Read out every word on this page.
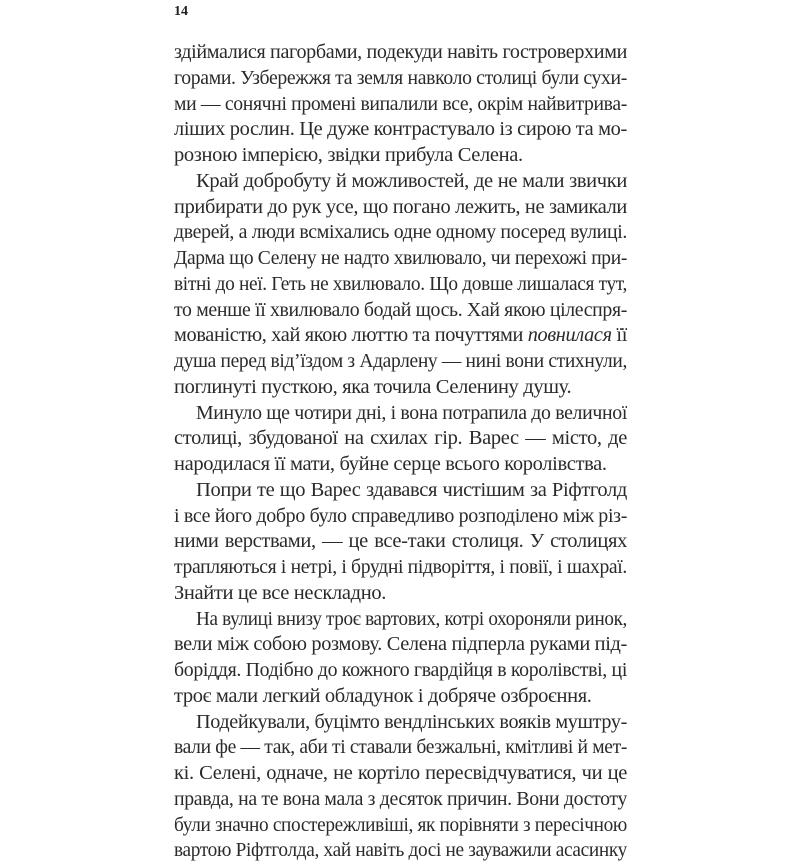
14
здіймалися пагорбами, подекуди навіть гостроверхими
горами. Узбережжя та земля навколо столиці були сухи-
ми — сонячні промені випалили все, окрім найвитрива-
ліших рослин. Це дуже контрастувало із сирою та мо-
розною імперією, звідки прибула Селена.
Край добробуту й можливостей, де не мали звички
прибирати до рук усе, що погано лежить, не замикали
дверей, а люди всміхались одне одному посеред вулиці.
Дарма що Селену не надто хвилювало, чи перехожі при-
вітні до неї. Геть не хвилювало. Що довше лишалася тут,
то менше її хвилювало бодай щось. Хай якою цілеспря-
мованістю, хай якою люттю та почуттями повнилася її
душа перед від’їздом з Адарлену — нині вони стихнули,
поглинуті пусткою, яка точила Селенину душу.
Минуло ще чотири дні, і вона потрапила до величної
столиці, збудованої на схилах гір. Варес — місто, де
народилася її мати, буйне серце всього королівства.
Попри те що Варес здавався чистішим за Ріфтголд
і все його добро було справедливо розподілено між різ-
ними верствами, — це все-таки столиця. У столицях
трапляються і нетрі, і брудні підворіття, і повії, і шахраї.
Знайти це все нескладно.
На вулиці внизу троє вартових, котрі охороняли ринок,
вели між собою розмову. Селена підперла руками під-
боріддя. Подібно до кожного гвардійця в королівстві, ці
троє мали легкий обладунок і добряче озброєння.
Подейкували, буцімто вендлінських вояків муштру-
вали фе — так, аби ті ставали безжальні, кмітливі й мет-
кі. Селені, одначе, не кортіло пересвідчуватися, чи це
правда, на те вона мала з десяток причин. Вони достоту
були значно спостережливіші, як порівняти з пересічною
вартою Ріфтголда, хай навіть досі не зауважили асасинку
